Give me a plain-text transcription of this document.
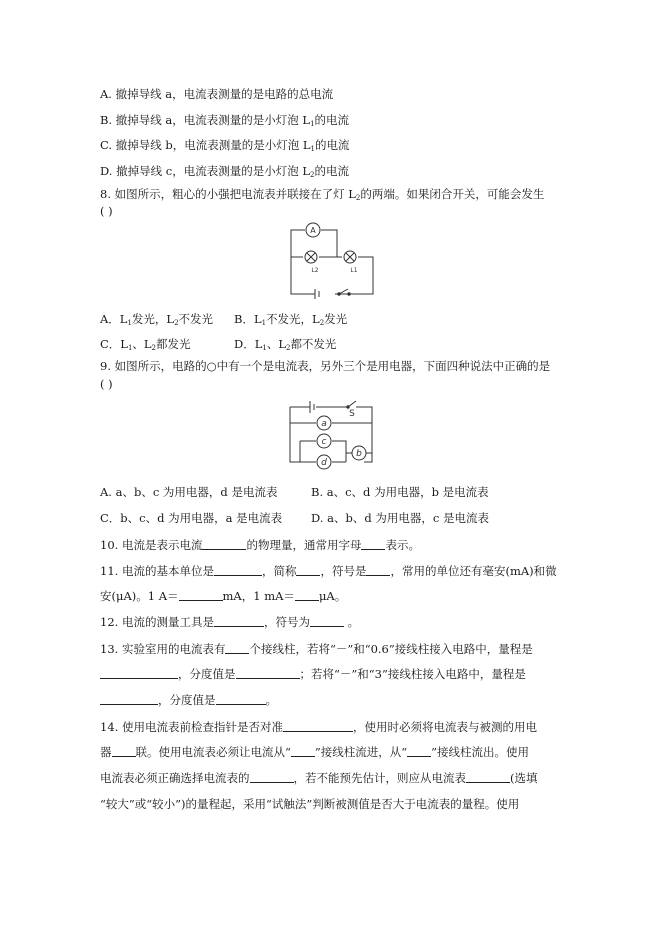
A. 撤掉导线 a，电流表测量的是电路的总电流
B. 撤掉导线 a，电流表测量的是小灯泡 $L_1$的电流
C. 撤掉导线 b，电流表测量的是小灯泡 $L_1$的电流
D. 撤掉导线 c，电流表测量的是小灯泡 $L_2$的电流
8. 如图所示，粗心的小强把电流表并联接在了灯 $L_2$的两端。如果闭合开关，可能会发生
( )
A
L2	L1
A．$L_1$发光，$L_2$不发光 B．$L_1$不发光，$L_2$发光
C．$L_1$、$L_2$都发光	D．$L_1$、$L_2$都不发光
9. 如图所示，电路的○中有一个是电流表，另外三个是用电器，下面四种说法中正确的是
( )
S
a
c
d
b
A. a、b、c 为用电器，d 是电流表	B. a、c、d 为用电器，b 是电流表
C．b、c、d 为用电器，a 是电流表	D. a、b、d 为用电器，c 是电流表
10. 电流是表示电流	的物理量，通常用字母 表示。
11. 电流的基本单位是	，简称 ，符号是 ，常用的单位还有毫安(mA)和微
安(μA)。1 A＝	mA，1 mA＝ μA。
12. 电流的测量工具是	，符号为	。
13. 实验室用的电流表有 个接线柱，若将“－”和“0.6”接线柱接入电路中，量程是
，分度值是	；若将“－”和“3”接线柱接入电路中，量程是
，分度值是	。
14. 使用电流表前检查指针是否对准	，使用时必须将电流表与被测的用电
器 联。使用电流表必须让电流从“ ”接线柱流进，从“ ”接线柱流出。使用
电流表必须正确选择电流表的	，若不能预先估计，则应从电流表	(选填
“较大”或“较小”)的量程起，采用“试触法”判断被测值是否大于电流表的量程。使用
